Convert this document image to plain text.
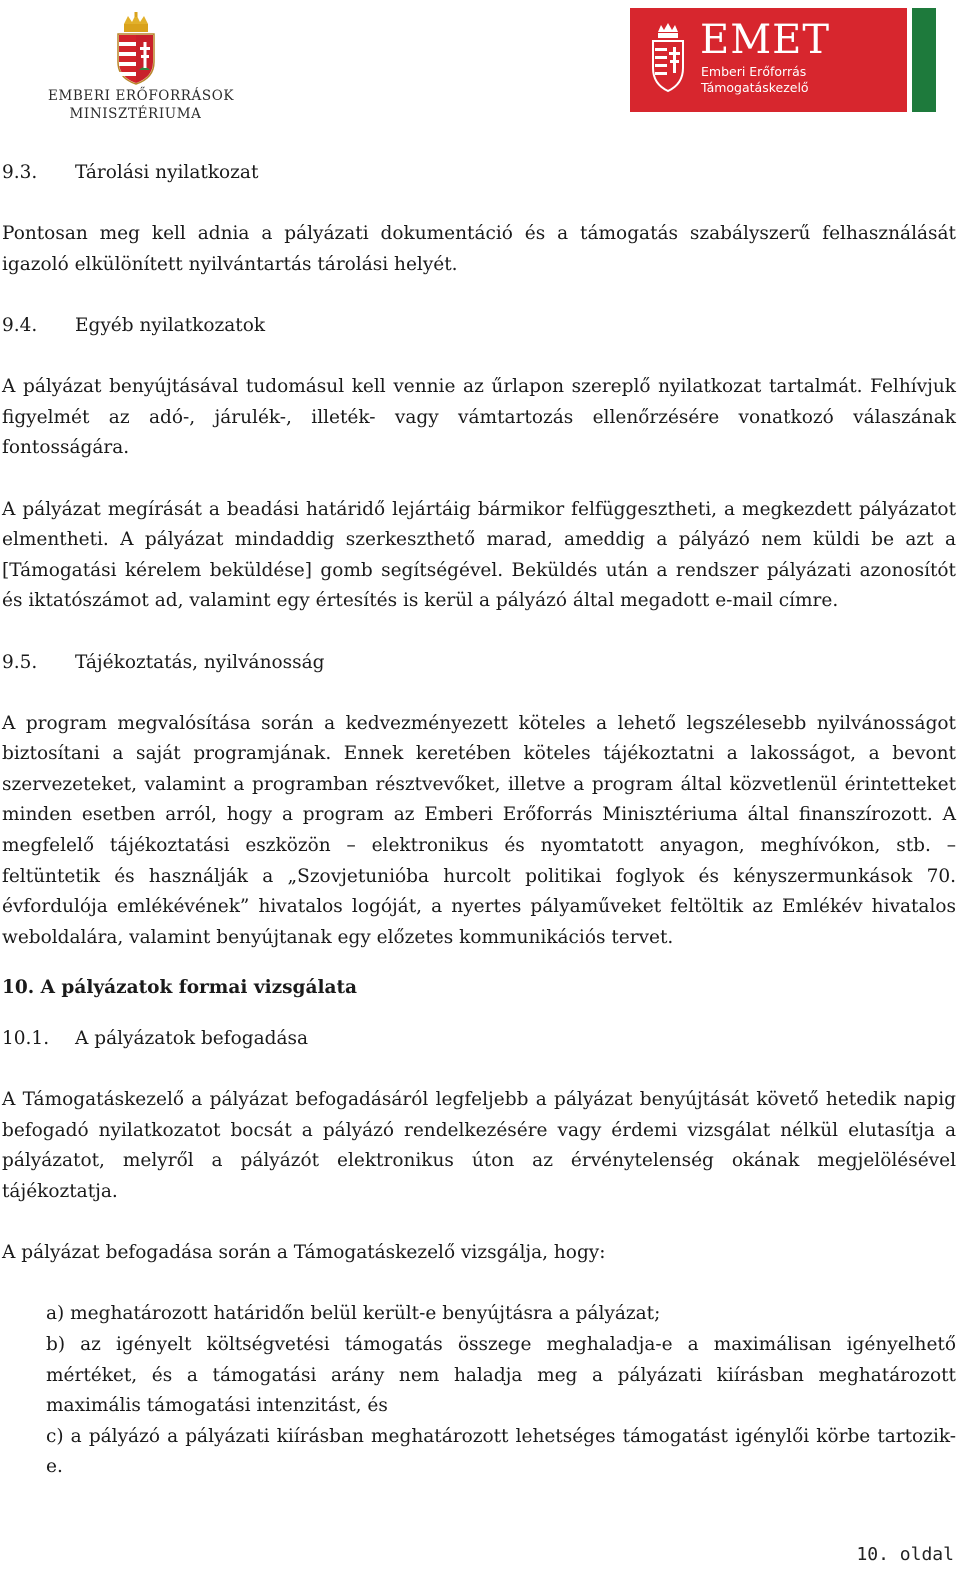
EMBERI ERŐFORRÁSOK
MINISZTÉRIUMA
EMET
Emberi Erőforrás
Támogatáskezelő
9.3.	Tárolási nyilatkozat

Pontosan meg kell adnia a pályázati dokumentáció és a támogatás szabályszerű felhasználását igazoló elkülönített nyilvántartás tárolási helyét.

9.4.	Egyéb nyilatkozatok

A pályázat benyújtásával tudomásul kell vennie az űrlapon szereplő nyilatkozat tartalmát. Felhívjuk figyelmét az adó-, járulék-, illeték- vagy vámtartozás ellenőrzésére vonatkozó válaszának fontosságára.

A pályázat megírását a beadási határidő lejártáig bármikor felfüggesztheti, a megkezdett pályázatot elmentheti. A pályázat mindaddig szerkeszthető marad, ameddig a pályázó nem küldi be azt a [Támogatási kérelem beküldése] gomb segítségével. Beküldés után a rendszer pályázati azonosítót és iktatószámot ad, valamint egy értesítés is kerül a pályázó által megadott e-mail címre.

9.5.	Tájékoztatás, nyilvánosság

A program megvalósítása során a kedvezményezett köteles a lehető legszélesebb nyilvánosságot biztosítani a saját programjának. Ennek keretében köteles tájékoztatni a lakosságot, a bevont szervezeteket, valamint a programban résztvevőket, illetve a program által közvetlenül érintetteket minden esetben arról, hogy a program az Emberi Erőforrás Minisztériuma által finanszírozott. A megfelelő tájékoztatási eszközön – elektronikus és nyomtatott anyagon, meghívókon, stb. – feltüntetik és használják a „Szovjetunióba hurcolt politikai foglyok és kényszermunkások 70. évfordulója emlékévének” hivatalos logóját, a nyertes pályaműveket feltöltik az Emlékév hivatalos weboldalára, valamint benyújtanak egy előzetes kommunikációs tervet.

10. A pályázatok formai vizsgálata

10.1.	A pályázatok befogadása

A Támogatáskezelő a pályázat befogadásáról legfeljebb a pályázat benyújtását követő hetedik napig befogadó nyilatkozatot bocsát a pályázó rendelkezésére vagy érdemi vizsgálat nélkül elutasítja a pályázatot, melyről a pályázót elektronikus úton az érvénytelenség okának megjelölésével tájékoztatja.

A pályázat befogadása során a Támogatáskezelő vizsgálja, hogy:

a) meghatározott határidőn belül került-e benyújtásra a pályázat;

b) az igényelt költségvetési támogatás összege meghaladja-e a maximálisan igényelhető mértéket, és a támogatási arány nem haladja meg a pályázati kiírásban meghatározott maximális támogatási intenzitást, és

c) a pályázó a pályázati kiírásban meghatározott lehetséges támogatást igénylői körbe tartozik-e.

10. oldal
